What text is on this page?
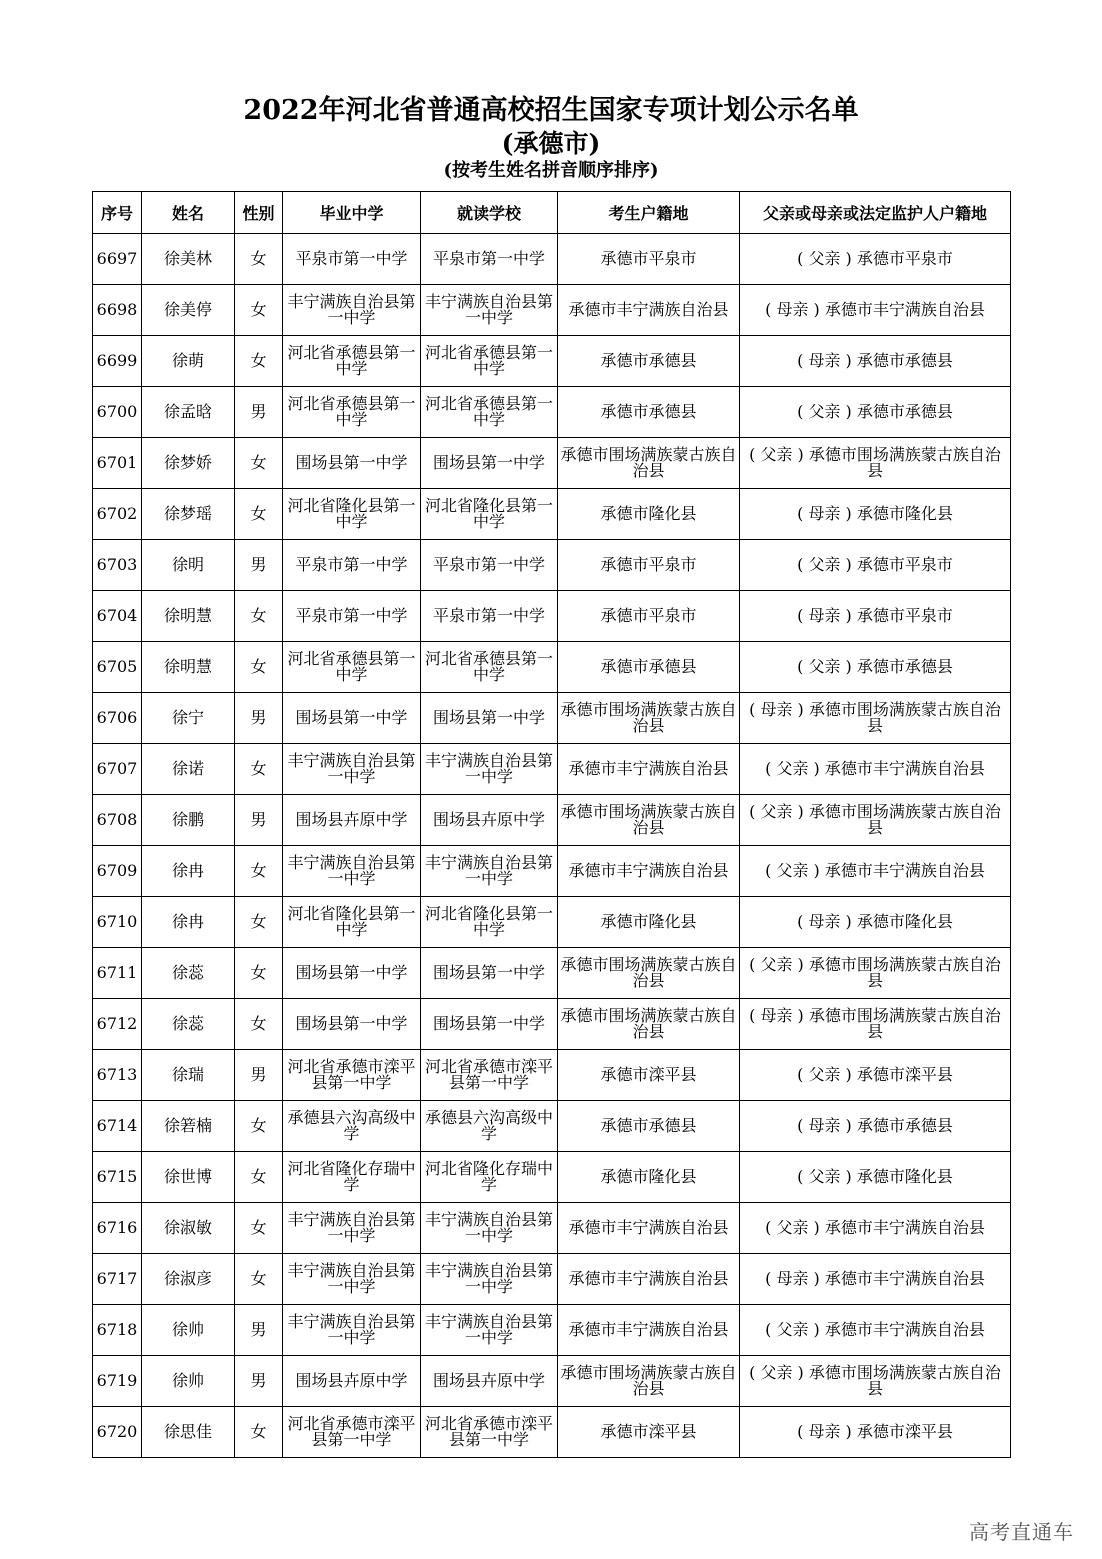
2022年河北省普通高校招生国家专项计划公示名单
(承德市)
(按考生姓名拼音顺序排序)
序号	姓名	性别	毕业中学	就读学校	考生户籍地	父亲或母亲或法定监护人户籍地
6697	徐美林	女	平泉市第一中学	平泉市第一中学	承德市平泉市	( 父亲 ) 承德市平泉市
6698	徐美停	女	丰宁满族自治县第一中学	丰宁满族自治县第一中学	承德市丰宁满族自治县	( 母亲 ) 承德市丰宁满族自治县
6699	徐萌	女	河北省承德县第一中学	河北省承德县第一中学	承德市承德县	( 母亲 ) 承德市承德县
6700	徐孟晗	男	河北省承德县第一中学	河北省承德县第一中学	承德市承德县	( 父亲 ) 承德市承德县
6701	徐梦娇	女	围场县第一中学	围场县第一中学	承德市围场满族蒙古族自治县	( 父亲 ) 承德市围场满族蒙古族自治县
6702	徐梦瑶	女	河北省隆化县第一中学	河北省隆化县第一中学	承德市隆化县	( 母亲 ) 承德市隆化县
6703	徐明	男	平泉市第一中学	平泉市第一中学	承德市平泉市	( 父亲 ) 承德市平泉市
6704	徐明慧	女	平泉市第一中学	平泉市第一中学	承德市平泉市	( 母亲 ) 承德市平泉市
6705	徐明慧	女	河北省承德县第一中学	河北省承德县第一中学	承德市承德县	( 父亲 ) 承德市承德县
6706	徐宁	男	围场县第一中学	围场县第一中学	承德市围场满族蒙古族自治县	( 母亲 ) 承德市围场满族蒙古族自治县
6707	徐诺	女	丰宁满族自治县第一中学	丰宁满族自治县第一中学	承德市丰宁满族自治县	( 父亲 ) 承德市丰宁满族自治县
6708	徐鹏	男	围场县卉原中学	围场县卉原中学	承德市围场满族蒙古族自治县	( 父亲 ) 承德市围场满族蒙古族自治县
6709	徐冉	女	丰宁满族自治县第一中学	丰宁满族自治县第一中学	承德市丰宁满族自治县	( 父亲 ) 承德市丰宁满族自治县
6710	徐冉	女	河北省隆化县第一中学	河北省隆化县第一中学	承德市隆化县	( 母亲 ) 承德市隆化县
6711	徐蕊	女	围场县第一中学	围场县第一中学	承德市围场满族蒙古族自治县	( 父亲 ) 承德市围场满族蒙古族自治县
6712	徐蕊	女	围场县第一中学	围场县第一中学	承德市围场满族蒙古族自治县	( 母亲 ) 承德市围场满族蒙古族自治县
6713	徐瑞	男	河北省承德市滦平县第一中学	河北省承德市滦平县第一中学	承德市滦平县	( 父亲 ) 承德市滦平县
6714	徐箬楠	女	承德县六沟高级中学	承德县六沟高级中学	承德市承德县	( 母亲 ) 承德市承德县
6715	徐世博	女	河北省隆化存瑞中学	河北省隆化存瑞中学	承德市隆化县	( 父亲 ) 承德市隆化县
6716	徐淑敏	女	丰宁满族自治县第一中学	丰宁满族自治县第一中学	承德市丰宁满族自治县	( 父亲 ) 承德市丰宁满族自治县
6717	徐淑彦	女	丰宁满族自治县第一中学	丰宁满族自治县第一中学	承德市丰宁满族自治县	( 母亲 ) 承德市丰宁满族自治县
6718	徐帅	男	丰宁满族自治县第一中学	丰宁满族自治县第一中学	承德市丰宁满族自治县	( 父亲 ) 承德市丰宁满族自治县
6719	徐帅	男	围场县卉原中学	围场县卉原中学	承德市围场满族蒙古族自治县	( 父亲 ) 承德市围场满族蒙古族自治县
6720	徐思佳	女	河北省承德市滦平县第一中学	河北省承德市滦平县第一中学	承德市滦平县	( 母亲 ) 承德市滦平县
高考直通车
